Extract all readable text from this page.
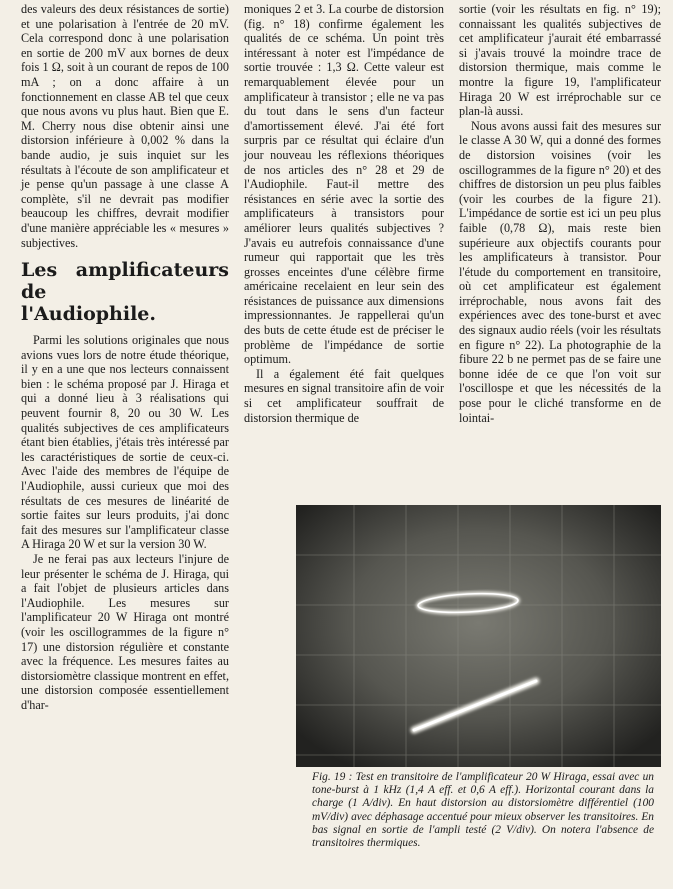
des valeurs des deux résistances de sortie) et une polarisation à l'entrée de 20 mV. Cela correspond donc à une polarisation en sortie de 200 mV aux bornes de deux fois 1 Ω, soit à un courant de repos de 100 mA ; on a donc affaire à un fonctionnement en classe AB tel que ceux que nous avons vu plus haut. Bien que E. M. Cherry nous dise obtenir ainsi une distorsion inférieure à 0,002 % dans la bande audio, je suis inquiet sur les résultats à l'écoute de son amplificateur et je pense qu'un passage à une classe A complète, s'il ne devrait pas modifier beaucoup les chiffres, devrait modifier d'une manière appréciable les « mesures » subjectives.

Les amplificateurs de
l'Audiophile.

Parmi les solutions originales que nous avions vues lors de notre étude théorique, il y en a une que nos lecteurs connaissent bien : le schéma proposé par J. Hiraga et qui a donné lieu à 3 réalisations qui peuvent fournir 8, 20 ou 30 W. Les qualités subjectives de ces amplificateurs étant bien établies, j'étais très intéressé par les caractéristiques de sortie de ceux-ci. Avec l'aide des membres de l'équipe de l'Audiophile, aussi curieux que moi des résultats de ces mesures de linéarité de sortie faites sur leurs produits, j'ai donc fait des mesures sur l'amplificateur classe A Hiraga 20 W et sur la version 30 W.

Je ne ferai pas aux lecteurs l'injure de leur présenter le schéma de J. Hiraga, qui a fait l'objet de plusieurs articles dans l'Audiophile. Les mesures sur l'amplificateur 20 W Hiraga ont montré (voir les oscillogrammes de la figure n° 17) une distorsion régulière et constante avec la fréquence. Les mesures faites au distorsiomètre classique montrent en effet, une distorsion composée essentiellement d'har-

moniques 2 et 3. La courbe de distorsion (fig. n° 18) confirme également les qualités de ce schéma. Un point très intéressant à noter est l'impédance de sortie trouvée : 1,3 Ω. Cette valeur est remarquablement élevée pour un amplificateur à transistor ; elle ne va pas du tout dans le sens d'un facteur d'amortissement élevé. J'ai été fort surpris par ce résultat qui éclaire d'un jour nouveau les réflexions théoriques de nos articles des n° 28 et 29 de l'Audiophile. Faut-il mettre des résistances en série avec la sortie des amplificateurs à transistors pour améliorer leurs qualités subjectives ? J'avais eu autrefois connaissance d'une rumeur qui rapportait que les très grosses enceintes d'une célèbre firme américaine recelaient en leur sein des résistances de puissance aux dimensions impressionnantes. Je rappellerai qu'un des buts de cette étude est de préciser le problème de l'impédance de sortie optimum.

Il a également été fait quelques mesures en signal transitoire afin de voir si cet amplificateur souffrait de distorsion thermique de

sortie (voir les résultats en fig. n° 19); connaissant les qualités subjectives de cet amplificateur j'aurait été embarrassé si j'avais trouvé la moindre trace de distorsion thermique, mais comme le montre la figure 19, l'amplificateur Hiraga 20 W est irréprochable sur ce plan-là aussi.

Nous avons aussi fait des mesures sur le classe A 30 W, qui a donné des formes de distorsion voisines (voir les oscillogrammes de la figure n° 20) et des chiffres de distorsion un peu plus faibles (voir les courbes de la figure 21). L'impédance de sortie est ici un peu plus faible (0,78 Ω), mais reste bien supérieure aux objectifs courants pour les amplificateurs à transistor. Pour l'étude du comportement en transitoire, où cet amplificateur est également irréprochable, nous avons fait des expériences avec des tone-burst et avec des signaux audio réels (voir les résultats en figure n° 22). La photographie de la fibure 22 b ne permet pas de se faire une bonne idée de ce que l'on voit sur l'oscillospe et que les nécessités de la pose pour le cliché transforme en de lointai-

Fig. 19 : Test en transitoire de l'amplificateur 20 W Hiraga, essai avec un tone-burst à 1 kHz (1,4 A eff. et 0,6 A eff.). Horizontal courant dans la charge (1 A/div). En haut distorsion au distorsiomètre différentiel (100 mV/div) avec déphasage accentué pour mieux observer les transitoires. En bas signal en sortie de l'ampli testé (2 V/div). On notera l'absence de transitoires thermiques.
